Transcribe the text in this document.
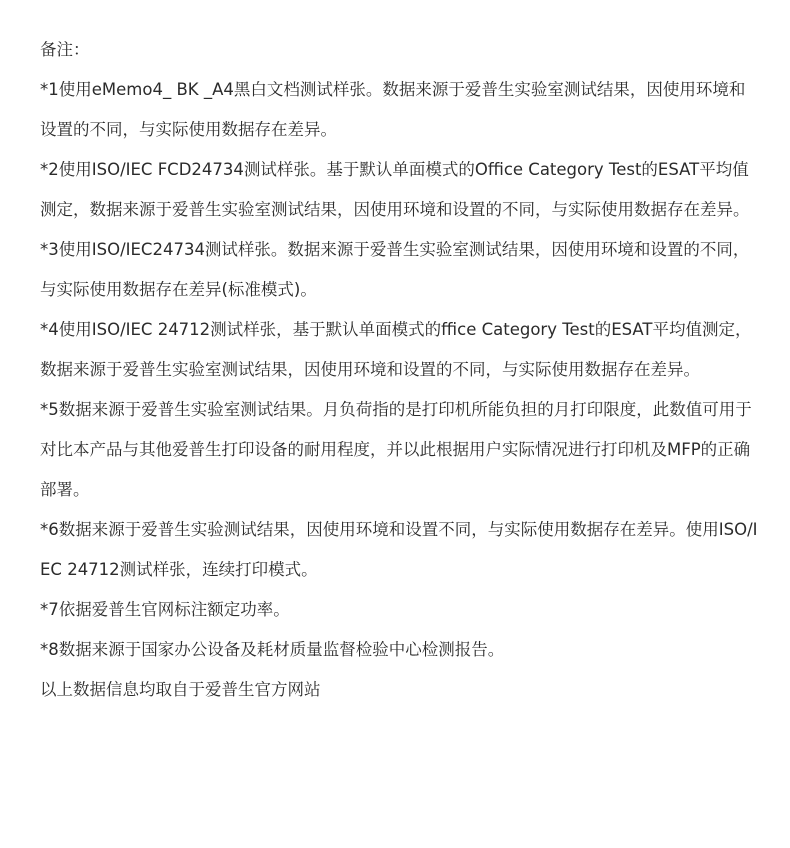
备注：

*1使用eMemo4_ BK _A4黑白文档测试样张。数据来源于爱普生实验室测试结果，因使用环境和设置的不同，与实际使用数据存在差异。

*2使用ISO/IEC FCD24734测试样张。基于默认单面模式的Office Category Test的ESAT平均值测定，数据来源于爱普生实验室测试结果，因使用环境和设置的不同，与实际使用数据存在差异。

*3使用ISO/IEC24734测试样张。数据来源于爱普生实验室测试结果，因使用环境和设置的不同，与实际使用数据存在差异(标准模式)。

*4使用ISO/IEC 24712测试样张，基于默认单面模式的ffice Category Test的ESAT平均值测定，数据来源于爱普生实验室测试结果，因使用环境和设置的不同，与实际使用数据存在差异。

*5数据来源于爱普生实验室测试结果。月负荷指的是打印机所能负担的月打印限度，此数值可用于对比本产品与其他爱普生打印设备的耐用程度，并以此根据用户实际情况进行打印机及MFP的正确部署。

*6数据来源于爱普生实验测试结果，因使用环境和设置不同，与实际使用数据存在差异。使用ISO/IEC 24712测试样张，连续打印模式。

*7依据爱普生官网标注额定功率。

*8数据来源于国家办公设备及耗材质量监督检验中心检测报告。

以上数据信息均取自于爱普生官方网站
